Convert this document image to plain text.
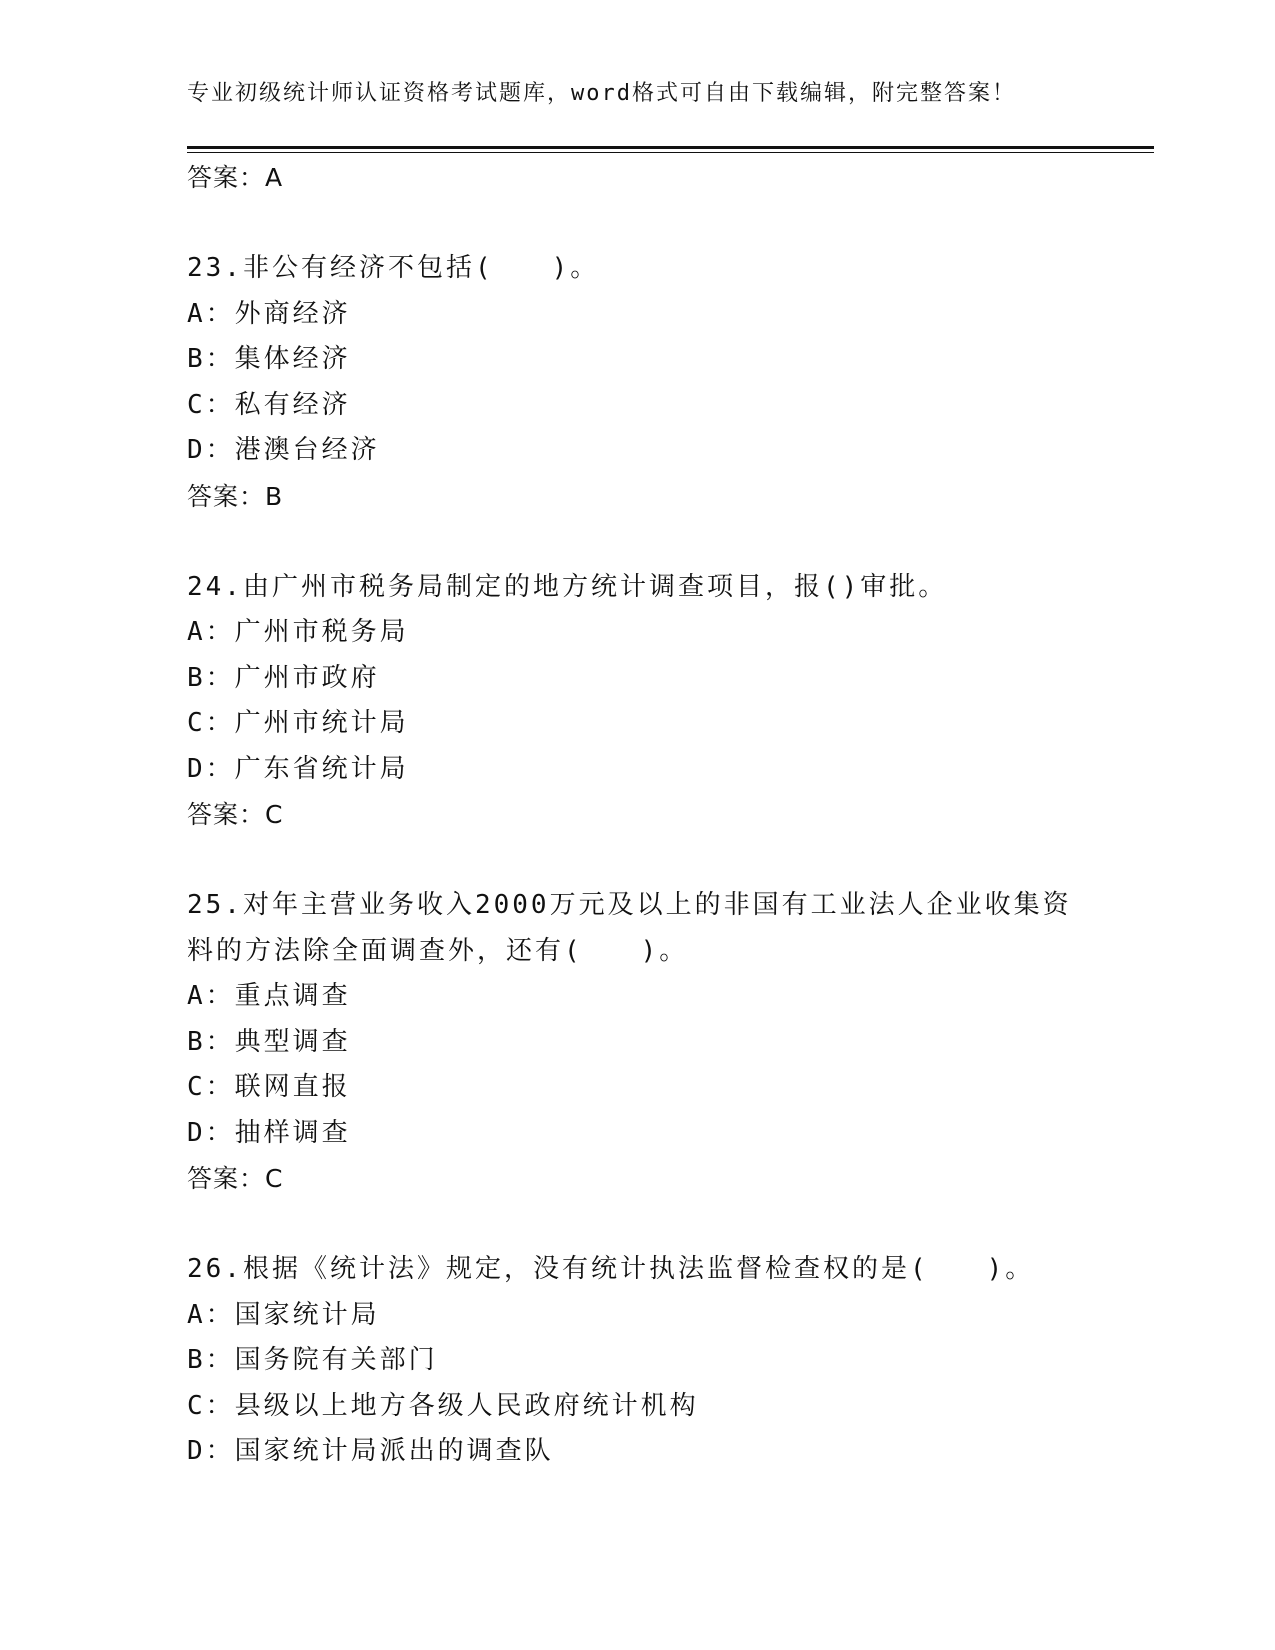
专业初级统计师认证资格考试题库，word格式可自由下载编辑，附完整答案！
答案：A
23.非公有经济不包括(　　)。
A：外商经济
B：集体经济
C：私有经济
D：港澳台经济
答案：B
24.由广州市税务局制定的地方统计调查项目，报()审批。
A：广州市税务局
B：广州市政府
C：广州市统计局
D：广东省统计局
答案：C
25.对年主营业务收入2000万元及以上的非国有工业法人企业收集资
料的方法除全面调查外，还有(　　)。
A：重点调查
B：典型调查
C：联网直报
D：抽样调查
答案：C
26.根据《统计法》规定，没有统计执法监督检查权的是(　　)。
A：国家统计局
B：国务院有关部门
C：县级以上地方各级人民政府统计机构
D：国家统计局派出的调查队
